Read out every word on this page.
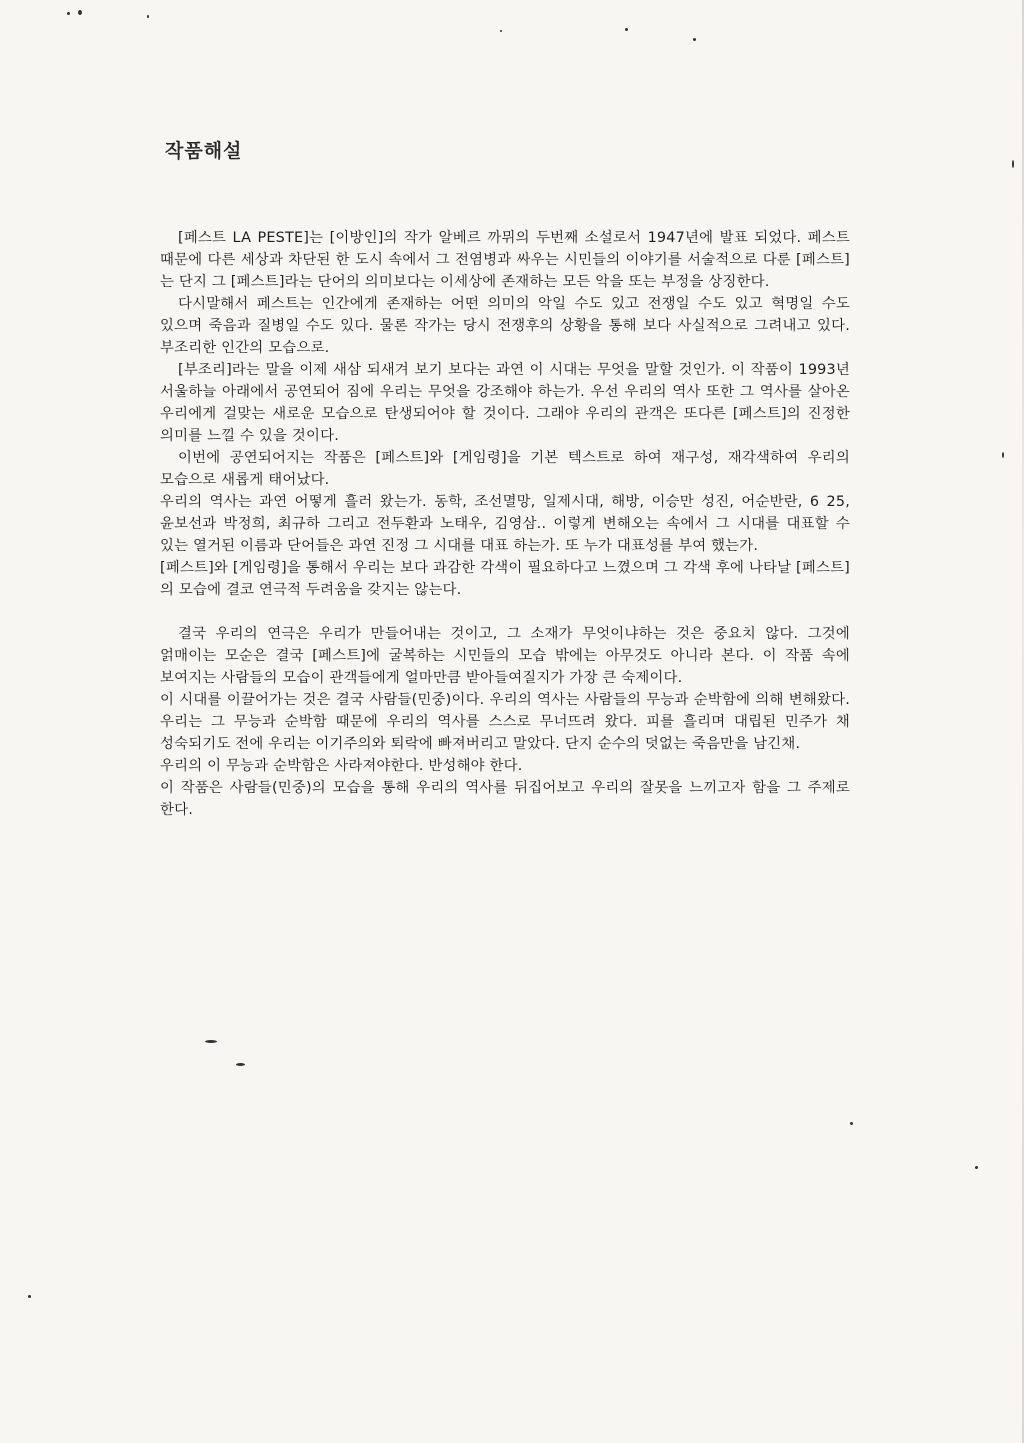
작품해설

[페스트 LA PESTE]는 [이방인]의 작가 알베르 까뮈의 두번째 소설로서 1947년에 발표 되었다. 페스트 때문에 다른 세상과 차단된 한 도시 속에서 그 전염병과 싸우는 시민들의 이야기를 서술적으로 다룬 [페스트]는 단지 그 [페스트]라는 단어의 의미보다는 이세상에 존재하는 모든 악을 또는 부정을 상징한다.

다시말해서 페스트는 인간에게 존재하는 어떤 의미의 악일 수도 있고 전쟁일 수도 있고 혁명일 수도 있으며 죽음과 질병일 수도 있다. 물론 작가는 당시 전쟁후의 상황을 통해 보다 사실적으로 그려내고 있다. 부조리한 인간의 모습으로.

[부조리]라는 말을 이제 새삼 되새겨 보기 보다는 과연 이 시대는 무엇을 말할 것인가. 이 작품이 1993년 서울하늘 아래에서 공연되어 짐에 우리는 무엇을 강조해야 하는가. 우선 우리의 역사 또한 그 역사를 살아온 우리에게 걸맞는 새로운 모습으로 탄생되어야 할 것이다. 그래야 우리의 관객은 또다른 [페스트]의 진정한 의미를 느낄 수 있을 것이다.

이번에 공연되어지는 작품은 [페스트]와 [게임령]을 기본 텍스트로 하여 재구성, 재각색하여 우리의 모습으로 새롭게 태어났다.

우리의 역사는 과연 어떻게 흘러 왔는가. 동학, 조선멸망, 일제시대, 해방, 이승만 성진, 어순반란, 6 25, 윤보선과 박정희, 최규하 그리고 전두환과 노태우, 김영삼.. 이렇게 변해오는 속에서 그 시대를 대표할 수 있는 열거된 이름과 단어들은 과연 진정 그 시대를 대표 하는가. 또 누가 대표성를 부여 했는가.

[페스트]와 [게임령]을 통해서 우리는 보다 과감한 각색이 필요하다고 느꼈으며 그 각색 후에 나타날 [페스트]의 모습에 결코 연극적 두려움을 갖지는 않는다.

결국 우리의 연극은 우리가 만들어내는 것이고, 그 소재가 무엇이냐하는 것은 중요치 않다. 그것에 얽매이는 모순은 결국 [페스트]에 굴복하는 시민들의 모습 밖에는 아무것도 아니라 본다. 이 작품 속에 보여지는 사람들의 모습이 관객들에게 얼마만큼 받아들여질지가 가장 큰 숙제이다.

이 시대를 이끌어가는 것은 결국 사람들(민중)이다. 우리의 역사는 사람들의 무능과 순박함에 의해 변해왔다. 우리는 그 무능과 순박함 때문에 우리의 역사를 스스로 무너뜨려 왔다. 피를 흘리며 대립된 민주가 채 성숙되기도 전에 우리는 이기주의와 퇴락에 빠져버리고 말았다. 단지 순수의 덧없는 죽음만을 남긴채.

우리의 이 무능과 순박함은 사라져야한다. 반성해야 한다.

이 작품은 사람들(민중)의 모습을 통해 우리의 역사를 뒤집어보고 우리의 잘못을 느끼고자 함을 그 주제로 한다.
